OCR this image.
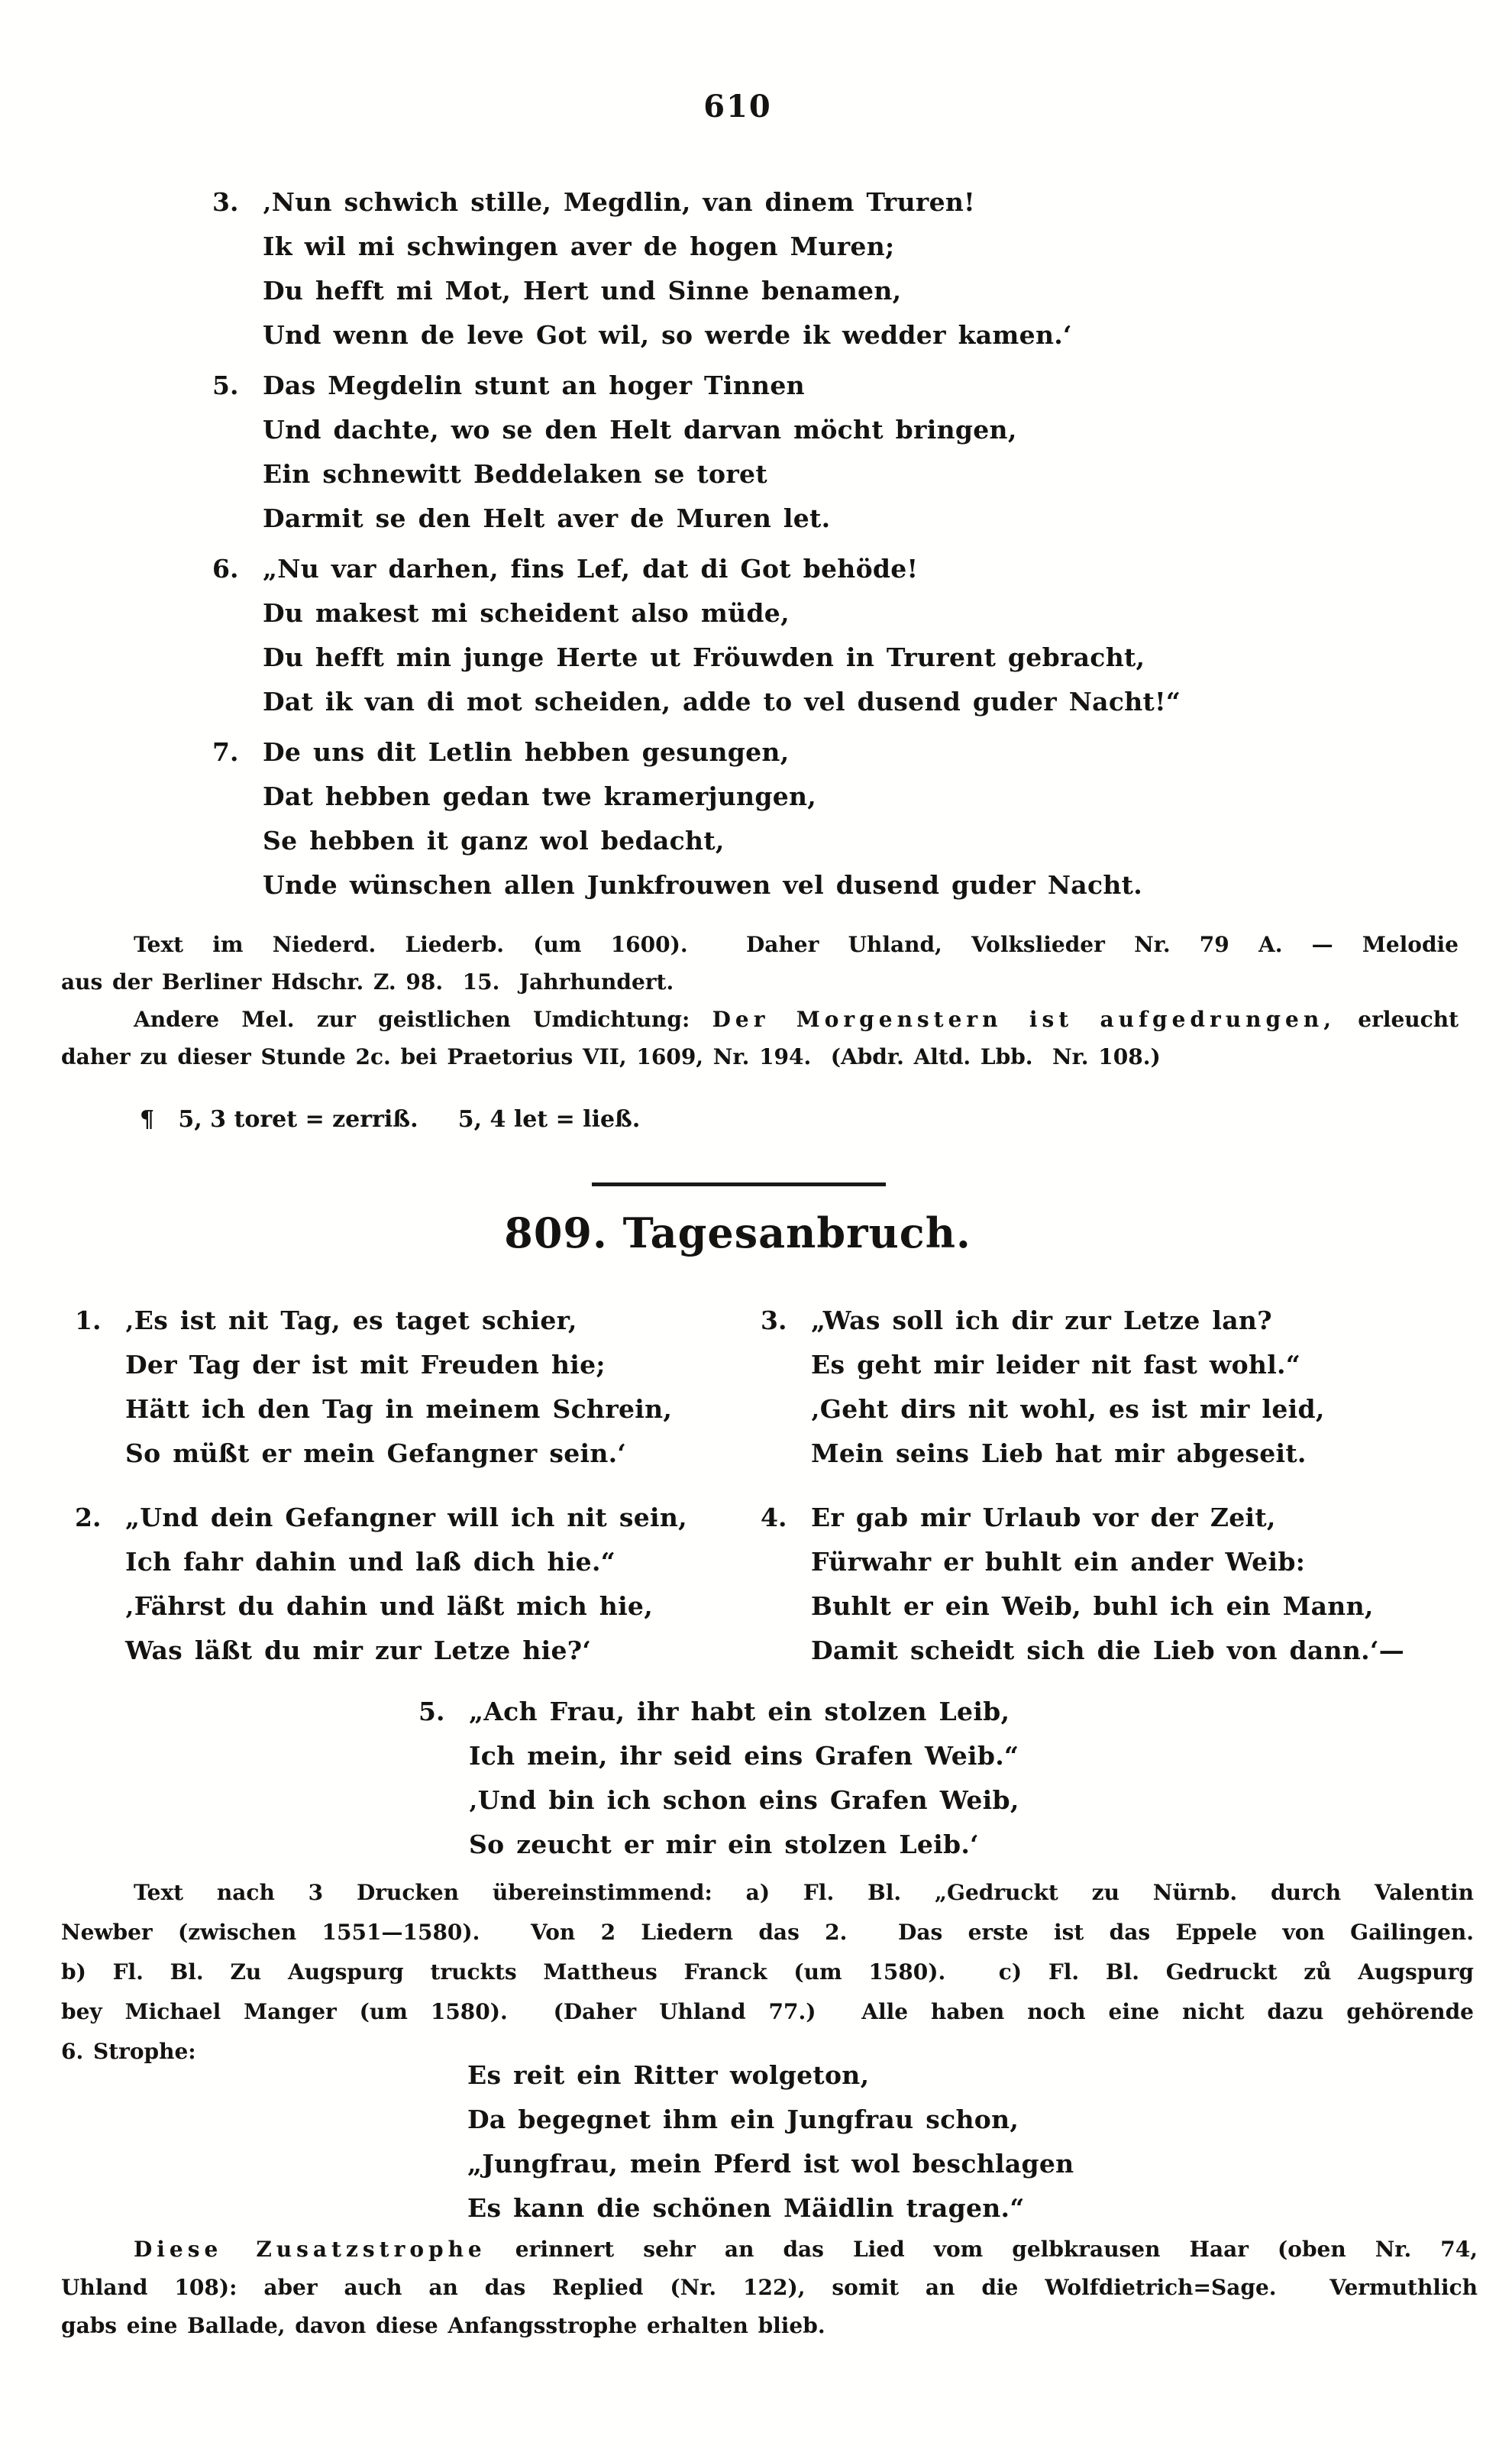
610
3. ‚Nun schwich stille, Megdlin, van dinem Truren!
Ik wil mi schwingen aver de hogen Muren;
Du hefft mi Mot, Hert und Sinne benamen,
Und wenn de leve Got wil, so werde ik wedder kamen.‘
5. Das Megdelin stunt an hoger Tinnen
Und dachte, wo se den Helt darvan möcht bringen,
Ein schnewitt Beddelaken se toret
Darmit se den Helt aver de Muren let.
6. „Nu var darhen, fins Lef, dat di Got behöde!
Du makest mi scheident also müde,
Du hefft min junge Herte ut Fröuwden in Trurent gebracht,
Dat ik van di mot scheiden, adde to vel dusend guder Nacht!“
7. De uns dit Letlin hebben gesungen,
Dat hebben gedan twe kramerjungen,
Se hebben it ganz wol bedacht,
Unde wünschen allen Junkfrouwen vel dusend guder Nacht.
Text im Niederd. Liederb. (um 1600).  Daher Uhland, Volkslieder Nr. 79 A. — Melodie
aus der Berliner Hdschr. Z. 98.  15.  Jahrhundert.
Andere Mel. zur geistlichen Umdichtung: Der Morgenstern ist aufgedrungen, erleucht
daher zu dieser Stunde 2c. bei Praetorius VII, 1609, Nr. 194.  (Abdr. Altd. Lbb.  Nr. 108.)
¶   5, 3 toret = zerriß.     5, 4 let = ließ.
809. Tagesanbruch.
1. ‚Es ist nit Tag, es taget schier,
Der Tag der ist mit Freuden hie;
Hätt ich den Tag in meinem Schrein,
So müßt er mein Gefangner sein.‘
2. „Und dein Gefangner will ich nit sein,
Ich fahr dahin und laß dich hie.“
‚Fährst du dahin und läßt mich hie,
Was läßt du mir zur Letze hie?‘
3. „Was soll ich dir zur Letze lan?
Es geht mir leider nit fast wohl.“
‚Geht dirs nit wohl, es ist mir leid,
Mein seins Lieb hat mir abgeseit.
4. Er gab mir Urlaub vor der Zeit,
Fürwahr er buhlt ein ander Weib:
Buhlt er ein Weib, buhl ich ein Mann,
Damit scheidt sich die Lieb von dann.‘—
5. „Ach Frau, ihr habt ein stolzen Leib,
Ich mein, ihr seid eins Grafen Weib.“
‚Und bin ich schon eins Grafen Weib,
So zeucht er mir ein stolzen Leib.‘
Text nach 3 Drucken übereinstimmend: a) Fl. Bl. „Gedruckt zu Nürnb. durch Valentin
Newber (zwischen 1551—1580).  Von 2 Liedern das 2.  Das erste ist das Eppele von Gailingen.
b) Fl. Bl. Zu Augspurg truckts Mattheus Franck (um 1580).  c) Fl. Bl. Gedruckt zů Augspurg
bey Michael Manger (um 1580).  (Daher Uhland 77.)  Alle haben noch eine nicht dazu gehörende
6. Strophe:
Es reit ein Ritter wolgeton,
Da begegnet ihm ein Jungfrau schon,
„Jungfrau, mein Pferd ist wol beschlagen
Es kann die schönen Mäidlin tragen.“
Diese Zusatzstrophe erinnert sehr an das Lied vom gelbkrausen Haar (oben Nr. 74,
Uhland 108): aber auch an das Replied (Nr. 122), somit an die Wolfdietrich=Sage.  Vermuthlich
gabs eine Ballade, davon diese Anfangsstrophe erhalten blieb.
